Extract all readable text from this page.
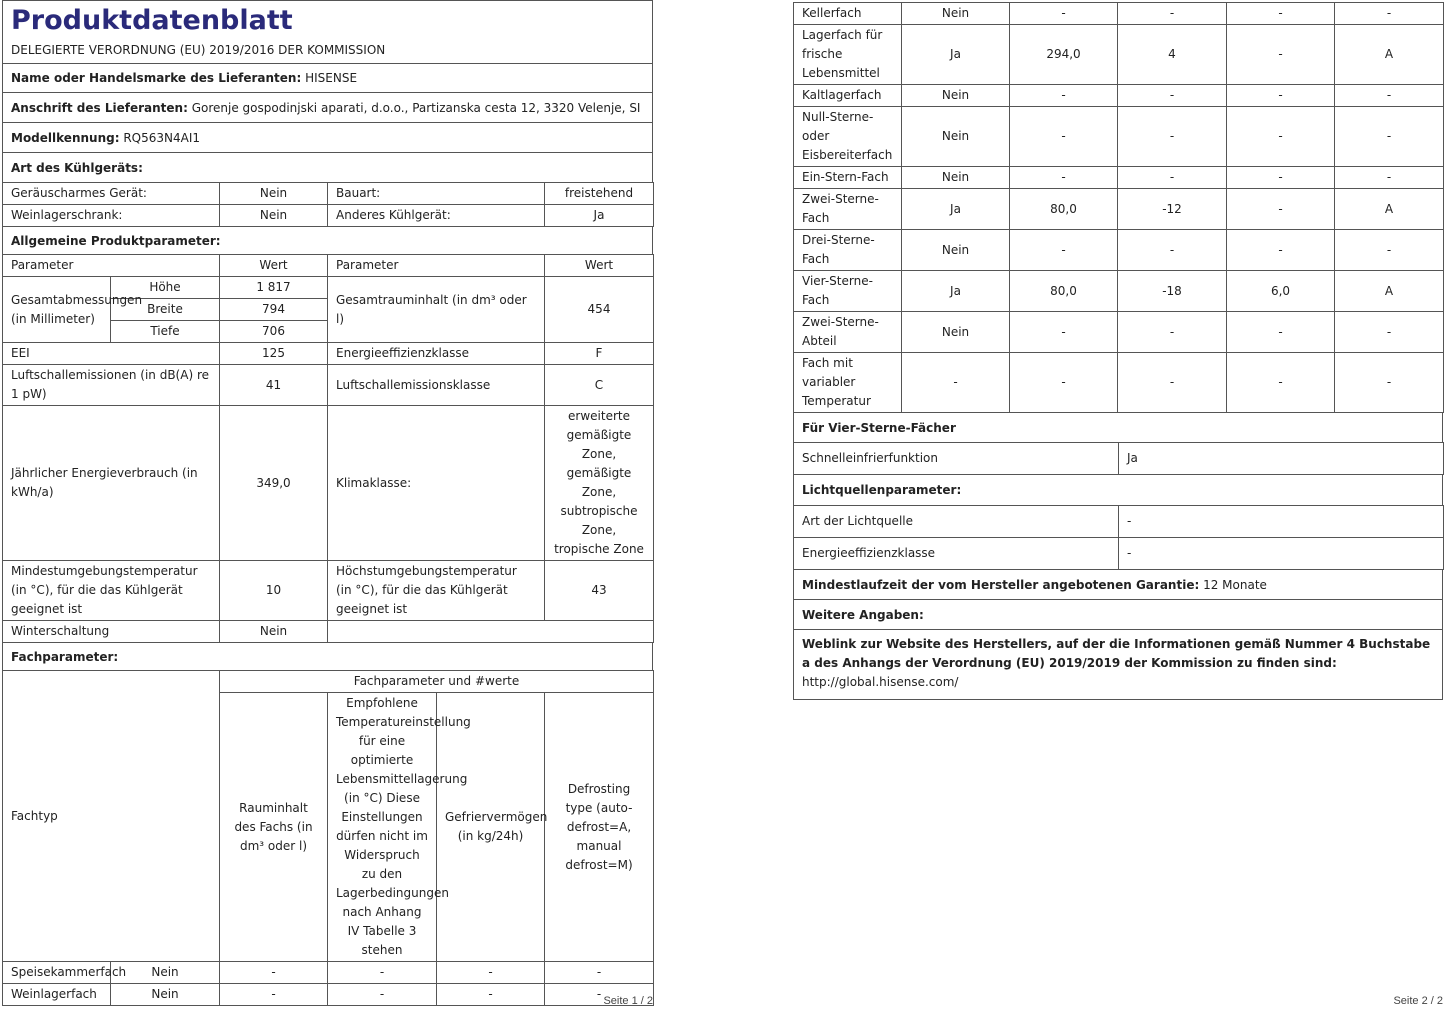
Produktdatenblatt
DELEGIERTE VERORDNUNG (EU) 2019/2016 DER KOMMISSION
Name oder Handelsmarke des Lieferanten:
HISENSE
Anschrift des Lieferanten:
Gorenje gospodinjski aparati, d.o.o., Partizanska cesta 12, 3320 Velenje, SI
Modellkennung:
RQ563N4AI1
Art des Kühlgeräts:
Geräuscharmes Gerät:	Nein	Bauart:	freistehend
Weinlagerschrank:	Nein	Anderes Kühlgerät:	Ja
Allgemeine Produktparameter:
Parameter		Wert	Parameter	Wert
Gesamtabmessungen (in Millimeter)	Höhe	1 817	Gesamtrauminhalt (in dm³ oder l)	454
	Breite	794		
	Tiefe	706		
EEI		125	Energieeffizienzklasse	F
Luftschallemissionen (in dB(A) re 1 pW)		41	Luftschallemissionsklasse	C
Jährlicher Energieverbrauch (in kWh/a)		349,0	Klimaklasse:	erweiterte gemäßigte Zone, gemäßigte Zone, subtropische Zone, tropische Zone
Mindestumgebungstemperatur (in °C), für die das Kühlgerät geeignet ist		10	Höchstumgebungstemperatur (in °C), für die das Kühlgerät geeignet ist	43
Winterschaltung		Nein		
Fachparameter:
Fachtyp		Fachparameter und #werte			
		Rauminhalt des Fachs (in dm³ oder l)	Empfohlene Temperatureinstellung für eine optimierte Lebensmittellagerung (in °C) Diese Einstellungen dürfen nicht im Widerspruch zu den Lagerbedingungen nach Anhang IV Tabelle 3 stehen	Gefriervermögen (in kg/24h)	Defrosting type (auto-defrost=A, manual defrost=M)
Speisekammerfach	Nein	-	-	-	-
Weinlagerfach	Nein	-	-	-	- Seite 1 / 2
Kellerfach	Nein	-	-	-	-
Lagerfach für frische Lebensmittel	Ja	294,0	4	-	A
Kaltlagerfach	Nein	-	-	-	-
Null-Sterne- oder Eisbereiterfach	Nein	-	-	-	-
Ein-Stern-Fach	Nein	-	-	-	-
Zwei-Sterne-Fach	Ja	80,0	-12	-	A
Drei-Sterne-Fach	Nein	-	-	-	-
Vier-Sterne-Fach	Ja	80,0	-18	6,0	A
Zwei-Sterne-Abteil	Nein	-	-	-	-
Fach mit variabler Temperatur	-	-	-	-	-
Für Vier-Sterne-Fächer
Schnelleinfrierfunktion	Ja
Lichtquellenparameter:
Art der Lichtquelle	-
Energieeffizienzklasse	-
Mindestlaufzeit der vom Hersteller angebotenen Garantie:
12 Monate
Weitere Angaben:
Weblink zur Website des Herstellers, auf der die Informationen gemäß Nummer 4 Buchstabe a des Anhangs der Verordnung (EU) 2019/2019 der Kommission zu finden sind:  http://global.hisense.com/
Seite 2 / 2
